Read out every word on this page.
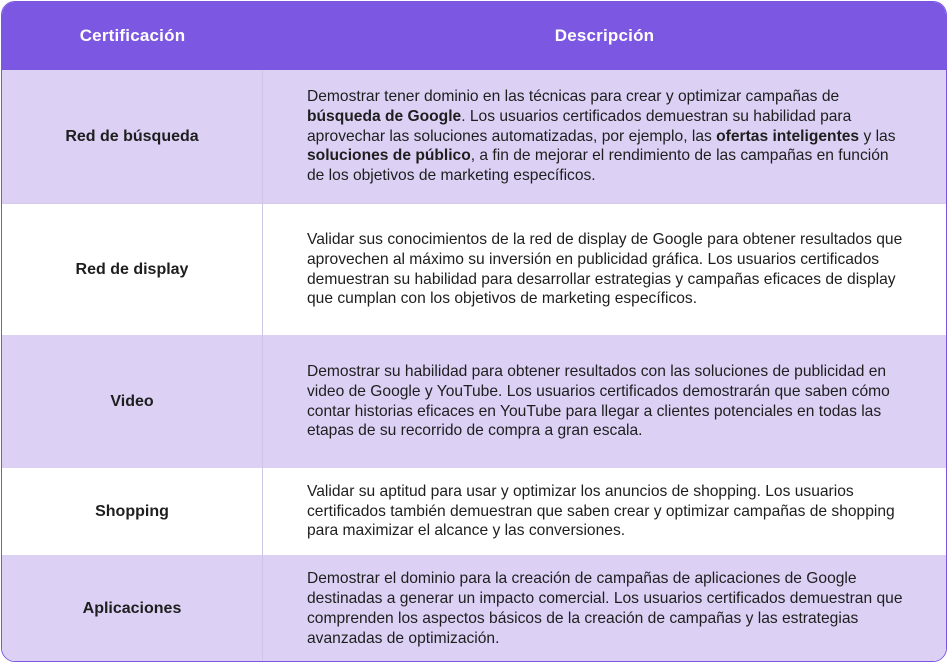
Certificación	Descripción
Red de búsqueda

Demostrar tener dominio en las técnicas para crear y optimizar campañas de búsqueda de Google. Los usuarios certificados demuestran su habilidad para aprovechar las soluciones automatizadas, por ejemplo, las ofertas inteligentes y las soluciones de público, a fin de mejorar el rendimiento de las campañas en función de los objetivos de marketing específicos.

Red de display

Validar sus conocimientos de la red de display de Google para obtener resultados que aprovechen al máximo su inversión en publicidad gráfica. Los usuarios certificados demuestran su habilidad para desarrollar estrategias y campañas eficaces de display que cumplan con los objetivos de marketing específicos.

Video

Demostrar su habilidad para obtener resultados con las soluciones de publicidad en video de Google y YouTube. Los usuarios certificados demostrarán que saben cómo contar historias eficaces en YouTube para llegar a clientes potenciales en todas las etapas de su recorrido de compra a gran escala.

Shopping

Validar su aptitud para usar y optimizar los anuncios de shopping. Los usuarios certificados también demuestran que saben crear y optimizar campañas de shopping para maximizar el alcance y las conversiones.

Aplicaciones

Demostrar el dominio para la creación de campañas de aplicaciones de Google destinadas a generar un impacto comercial. Los usuarios certificados demuestran que comprenden los aspectos básicos de la creación de campañas y las estrategias avanzadas de optimización.
